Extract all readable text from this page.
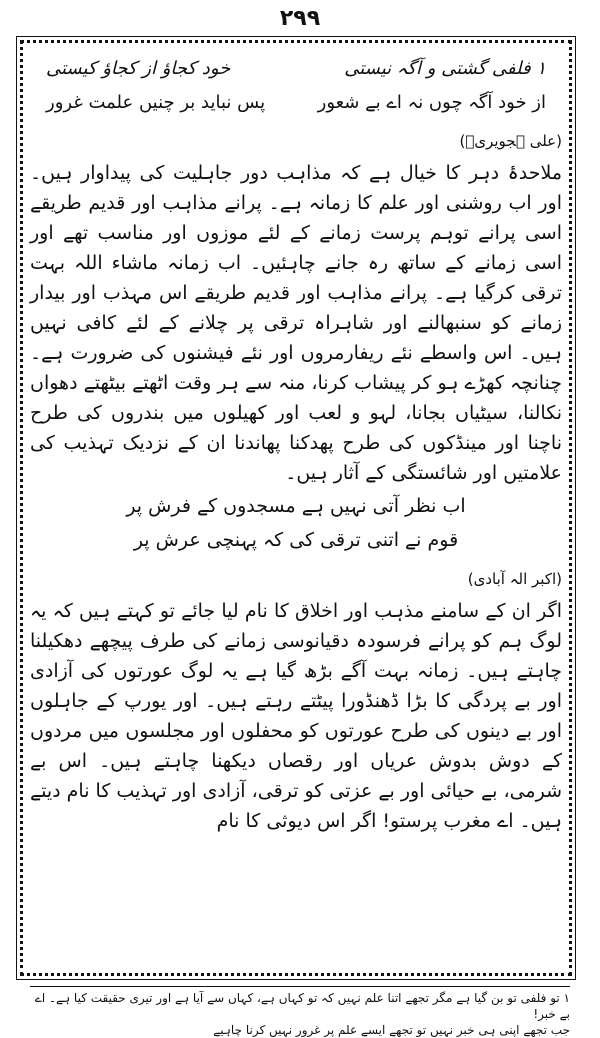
۲۹۹
۱ فلفی گشتی و آگہ نیستی
خود کجاؤ از کجاؤ کیستی
از خود آگہ چوں نہ اے بے شعور
پس نباید بر چنیں علمت غرور
(علی ہجویریؒ)

ملاحدۂ دہر کا خیال ہے کہ مذاہب دور جاہلیت کی پیداوار ہیں۔ اور اب روشنی اور علم کا زمانہ ہے۔ پرانے مذاہب اور قدیم طریقے اسی پرانے توہم پرست زمانے کے لئے موزوں اور مناسب تھے اور اسی زمانے کے ساتھ رہ جانے چاہئیں۔ اب زمانہ ماشاء اللہ بہت ترقی کرگیا ہے۔ پرانے مذاہب اور قدیم طریقے اس مہذب اور بیدار زمانے کو سنبھالنے اور شاہراہ ترقی پر چلانے کے لئے کافی نہیں ہیں۔ اس واسطے نئے ریفارمروں اور نئے فیشنوں کی ضرورت ہے۔ چنانچہ کھڑے ہو کر پیشاب کرنا، منہ سے ہر وقت اٹھتے بیٹھتے دھواں نکالنا، سیٹیاں بجانا، لہو و لعب اور کھیلوں میں بندروں کی طرح ناچنا اور مینڈکوں کی طرح پھدکنا پھاندنا ان کے نزدیک تہذیب کی علامتیں اور شائستگی کے آثار ہیں۔

اب نظر آتی نہیں ہے مسجدوں کے فرش پر
قوم نے اتنی ترقی کی کہ پہنچی عرش پر
(اکبر الہ آبادی)

اگر ان کے سامنے مذہب اور اخلاق کا نام لیا جائے تو کہتے ہیں کہ یہ لوگ ہم کو پرانے فرسودہ دقیانوسی زمانے کی طرف پیچھے دھکیلنا چاہتے ہیں۔ زمانہ بہت آگے بڑھ گیا ہے یہ لوگ عورتوں کی آزادی اور بے پردگی کا بڑا ڈھنڈورا پیٹتے رہتے ہیں۔ اور یورپ کے جاہلوں اور بے دینوں کی طرح عورتوں کو محفلوں اور مجلسوں میں مردوں کے دوش بدوش عریاں اور رقصاں دیکھنا چاہتے ہیں۔ اس بے شرمی، بے حیائی اور بے عزتی کو ترقی، آزادی اور تہذیب کا نام دیتے ہیں۔ اے مغرب پرستو! اگر اس دیوثی کا نام

۱ تو فلفی تو بن گیا ہے مگر تجھے اتنا علم نہیں کہ تو کہاں ہے، کہاں سے آیا ہے اور تیری حقیقت کیا ہے۔ اے بے خبر!
جب تجھے اپنی ہی خبر نہیں تو تجھے ایسے علم پر غرور نہیں کرنا چاہیے
